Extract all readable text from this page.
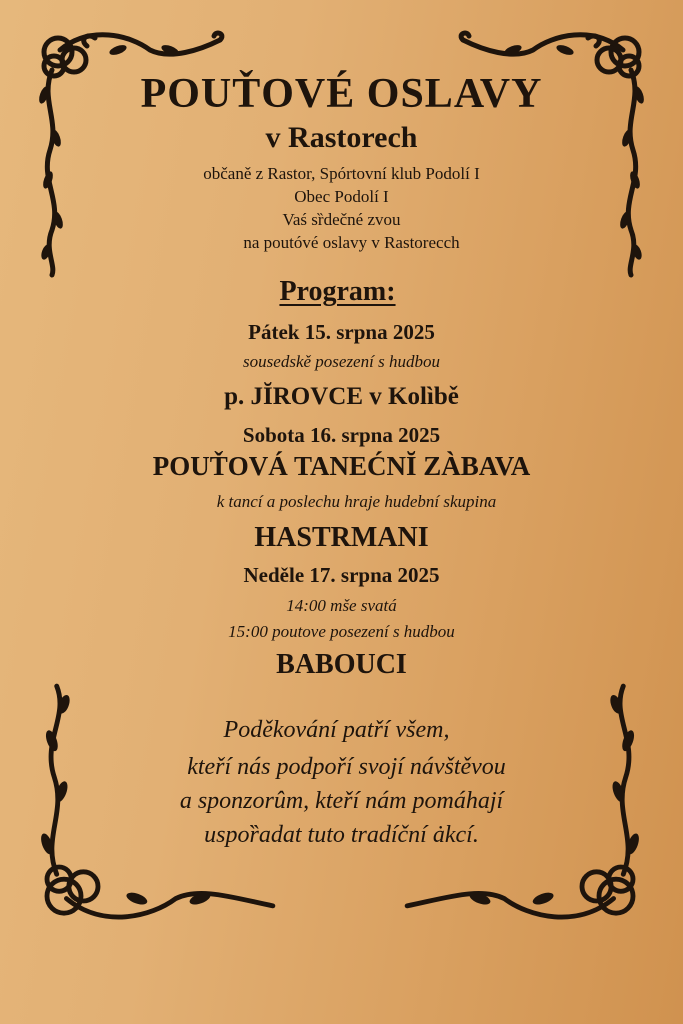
POUŤOVÉ OSLAVY
v Rastorech
občaně z Rastor, Spórtovní klub Podolí I
Obec Podolí I
Vaś sȑdečné zvou
na poutóvé oslavy v Rastorecch
Program:
Pátek 15. srpna 2025
sousedskě posezení s hudbou
p. JĬROVCE v Kolìbě
Sobota 16. srpna 2025
POUŤOVÁ TANEĆNĬ ZÀBAVA
k tancí a poslechu hraje hudební skupina
HASTRMANI
Neděle 17. srpna 2025
14:00 mše svatá
15:00 poutove posezení s hudbou
BABOUCI
Poděkování patří všem,
kteří nás podpoří svojí návštěvou
a sponzorûm, kteří nám pomáhají
uspoȑadat tuto tradíční ȧkcí.
